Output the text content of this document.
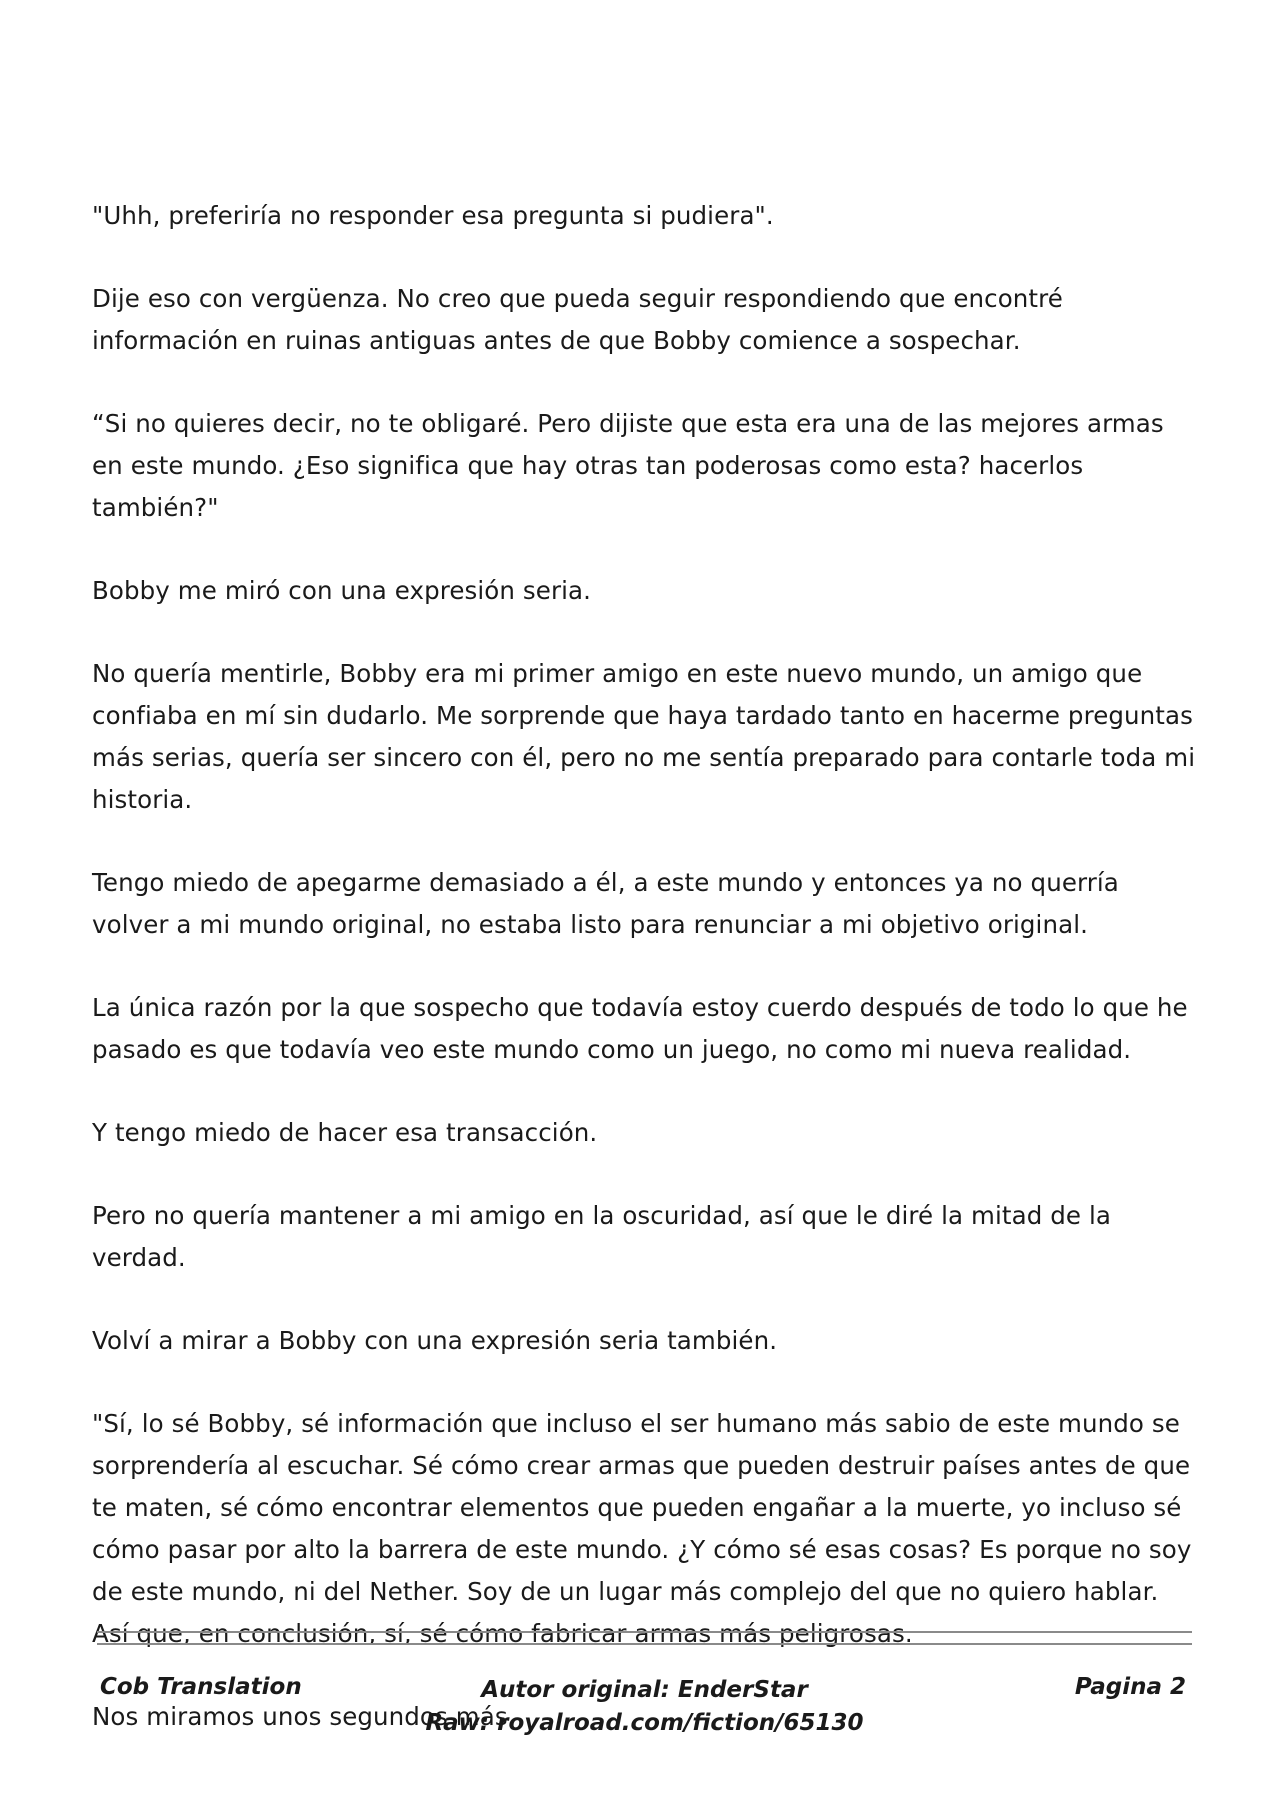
"Uhh, preferiría no responder esa pregunta si pudiera".

Dije eso con vergüenza. No creo que pueda seguir respondiendo que encontré información en ruinas antiguas antes de que Bobby comience a sospechar.

“Si no quieres decir, no te obligaré. Pero dijiste que esta era una de las mejores armas en este mundo. ¿Eso significa que hay otras tan poderosas como esta? hacerlos también?"

Bobby me miró con una expresión seria.

No quería mentirle, Bobby era mi primer amigo en este nuevo mundo, un amigo que confiaba en mí sin dudarlo. Me sorprende que haya tardado tanto en hacerme preguntas más serias, quería ser sincero con él, pero no me sentía preparado para contarle toda mi historia.

Tengo miedo de apegarme demasiado a él, a este mundo y entonces ya no querría volver a mi mundo original, no estaba listo para renunciar a mi objetivo original.

La única razón por la que sospecho que todavía estoy cuerdo después de todo lo que he pasado es que todavía veo este mundo como un juego, no como mi nueva realidad.

Y tengo miedo de hacer esa transacción.

Pero no quería mantener a mi amigo en la oscuridad, así que le diré la mitad de la verdad.

Volví a mirar a Bobby con una expresión seria también.

"Sí, lo sé Bobby, sé información que incluso el ser humano más sabio de este mundo se sorprendería al escuchar. Sé cómo crear armas que pueden destruir países antes de que te maten, sé cómo encontrar elementos que pueden engañar a la muerte, yo incluso sé cómo pasar por alto la barrera de este mundo. ¿Y cómo sé esas cosas? Es porque no soy de este mundo, ni del Nether. Soy de un lugar más complejo del que no quiero hablar. Así que, en conclusión, sí, sé cómo fabricar armas más peligrosas.

Nos miramos unos segundos más.

Cob Translation	Autor original: EnderStar
Raw: royalroad.com/fiction/65130
Pagina 2
